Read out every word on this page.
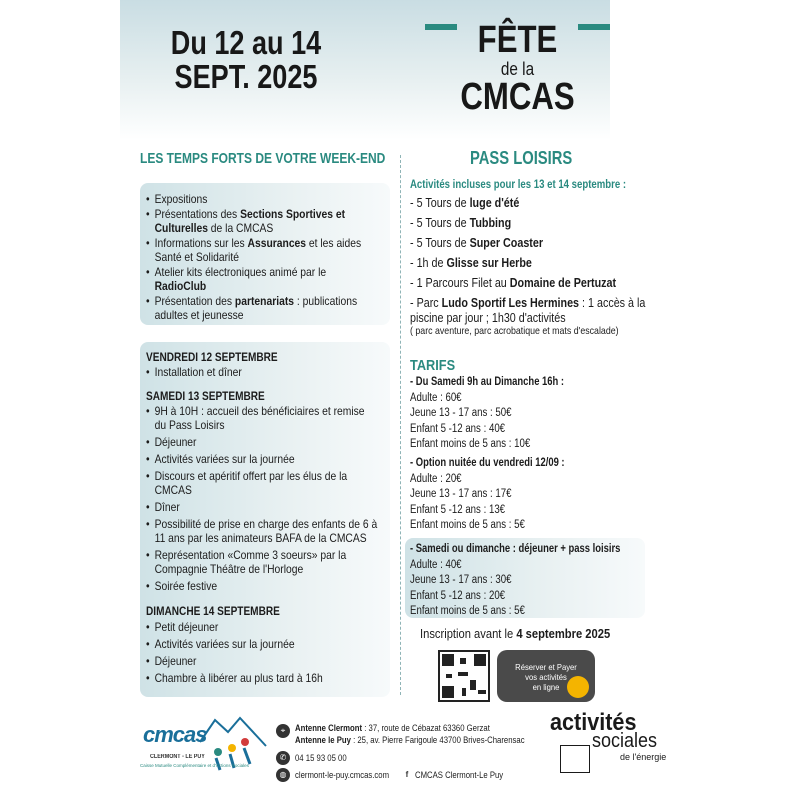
Du 12 au 14
SEPT. 2025
FÊTE
de la
CMCAS
LES TEMPS FORTS DE VOTRE WEEK-END
• Expositions
• Présentations des Sections Sportives et Culturelles de la CMCAS
• Informations sur les Assurances et les aides Santé et Solidarité
• Atelier kits électroniques animé par le RadioClub
• Présentation des partenariats : publications adultes et jeunesse
VENDREDI 12 SEPTEMBRE
• Installation et dîner
SAMEDI 13 SEPTEMBRE
• 9H à 10H : accueil des bénéficiaires et remise du Pass Loisirs
• Déjeuner
• Activités variées sur la journée
• Discours et apéritif offert par les élus de la CMCAS
• Dîner
• Possibilité de prise en charge des enfants de 6 à 11 ans par les animateurs BAFA de la CMCAS
• Représentation «Comme 3 soeurs» par la Compagnie Théâtre de l'Horloge
• Soirée festive
DIMANCHE 14 SEPTEMBRE
• Petit déjeuner
• Activités variées sur la journée
• Déjeuner
• Chambre à libérer au plus tard à 16h
PASS LOISIRS
Activités incluses pour les 13 et 14 septembre :
- 5 Tours de luge d'été
- 5 Tours de Tubbing
- 5 Tours de Super Coaster
- 1h de Glisse sur Herbe
- 1 Parcours Filet au Domaine de Pertuzat
- Parc Ludo Sportif Les Hermines : 1 accès à la piscine par jour ; 1h30 d'activités
( parc aventure, parc acrobatique et mats d'escalade)
TARIFS
- Du Samedi 9h au Dimanche 16h :
Adulte : 60€
Jeune 13 - 17 ans : 50€
Enfant 5 -12 ans : 40€
Enfant moins de 5 ans : 10€
- Option nuitée du vendredi 12/09 :
Adulte : 20€
Jeune 13 - 17 ans : 17€
Enfant 5 -12 ans : 13€
Enfant moins de 5 ans : 5€
- Samedi ou dimanche : déjeuner + pass loisirs
Adulte : 40€
Jeune 13 - 17 ans : 30€
Enfant 5 -12 ans : 20€
Enfant moins de 5 ans : 5€
Inscription avant le 4 septembre 2025
Réserver et Payer
vos activités
en ligne
cmcas
CLERMONT - LE PUY
Caisse Mutuelle Complémentaire et d'Actions Sociales
⌖	Antenne Clermont : 37, route de Cébazat 63360 Gerzat
Antenne le Puy : 25, av. Pierre Farigoule 43700 Brives-Charensac
✆ 04 15 93 05 00
◍ clermont-le-puy.cmcas.com	f CMCAS Clermont-Le Puy
activités
sociales
de l'énergie
